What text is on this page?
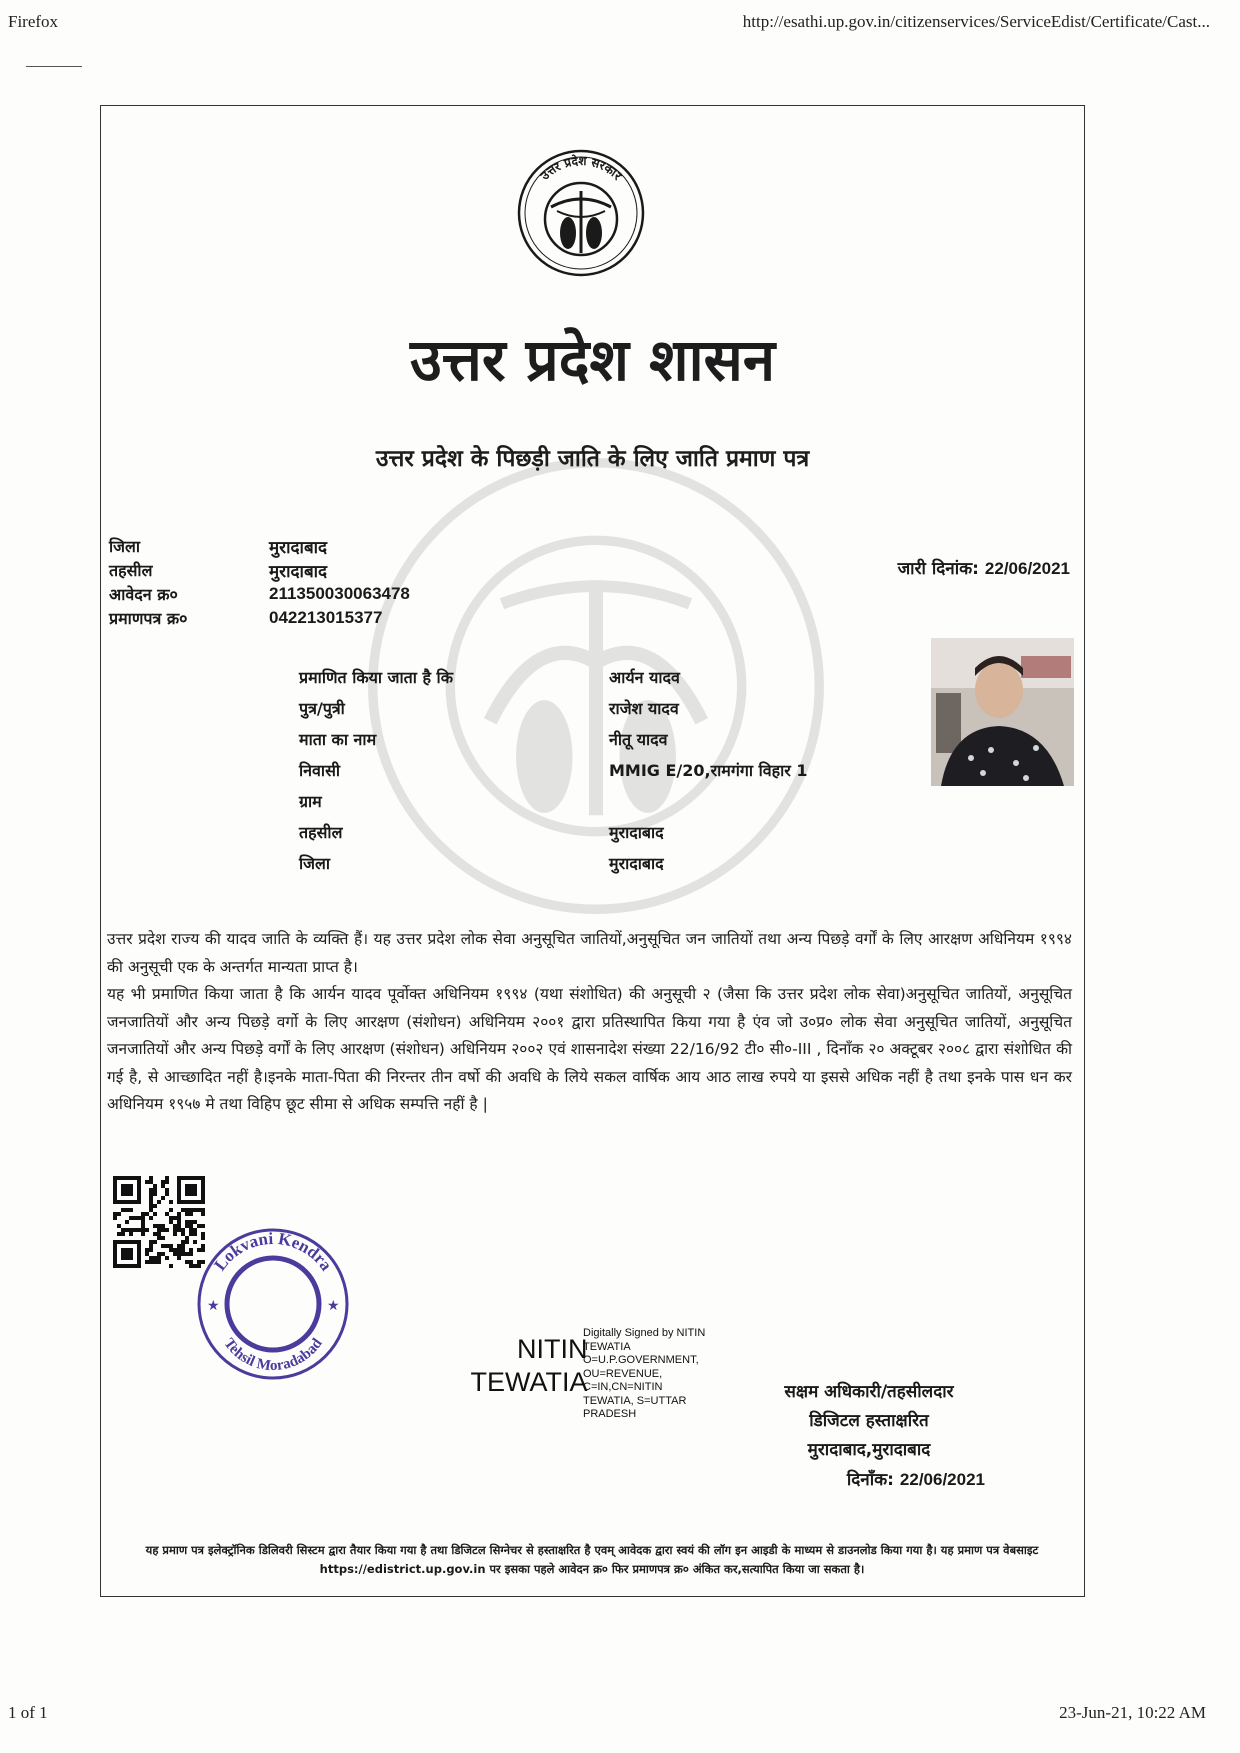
Firefox	http://esathi.up.gov.in/citizenservices/ServiceEdist/Certificate/Cast...
उत्तर प्रदेश सरकार
उत्तर प्रदेश शासन
उत्तर प्रदेश के पिछड़ी जाति के लिए जाति प्रमाण पत्र
जिला	मुरादाबाद
तहसील	मुरादाबाद
आवेदन क्र०	211350030063478
प्रमाणपत्र क्र०	042213015377
जारी दिनांक: 22/06/2021
प्रमाणित किया जाता है कि	आर्यन यादव
पुत्र/पुत्री	राजेश यादव
माता का नाम	नीतू यादव
निवासी	MMIG E/20,रामगंगा विहार 1
ग्राम
तहसील	मुरादाबाद
जिला	मुरादाबाद

उत्तर प्रदेश राज्य की यादव जाति के व्यक्ति हैं। यह उत्तर प्रदेश लोक सेवा अनुसूचित जातियों,अनुसूचित जन जातियों तथा अन्य पिछड़े वर्गों के लिए आरक्षण अधिनियम १९९४ की अनुसूची एक के अन्तर्गत मान्यता प्राप्त है।

यह भी प्रमाणित किया जाता है कि आर्यन यादव पूर्वोक्त अधिनियम १९९४ (यथा संशोधित) की अनुसूची २ (जैसा कि उत्तर प्रदेश लोक सेवा)अनुसूचित जातियों, अनुसूचित जनजातियों और अन्य पिछड़े वर्गो के लिए आरक्षण (संशोधन) अधिनियम २००१ द्वारा प्रतिस्थापित किया गया है एंव जो उ०प्र० लोक सेवा अनुसूचित जातियों, अनुसूचित जनजातियों और अन्य पिछड़े वर्गों के लिए आरक्षण (संशोधन) अधिनियम २००२ एवं शासनादेश संख्या 22/16/92 टी० सी०-III , दिनाँक २० अक्टूबर २००८ द्वारा संशोधित की गई है, से आच्छादित नहीं है।इनके माता-पिता की निरन्तर तीन वर्षो की अवधि के लिये सकल वार्षिक आय आठ लाख रुपये या इससे अधिक नहीं है तथा इनके पास धन कर अधिनियम १९५७ मे तथा विहिप छूट सीमा से अधिक सम्पत्ति नहीं है |

Lokvani Kendra
Tehsil Moradabad
★	★
NITIN
TEWATIA
Digitally Signed by NITIN
TEWATIA
O=U.P.GOVERNMENT,
OU=REVENUE,
C=IN,CN=NITIN
TEWATIA, S=UTTAR
PRADESH
सक्षम अधिकारी/तहसीलदार
डिजिटल हस्ताक्षरित
मुरादाबाद,मुरादाबाद
दिनाँक: 22/06/2021
यह प्रमाण पत्र इलेक्ट्रॉनिक डिलिवरी सिस्टम द्वारा तैयार किया गया है तथा डिजिटल सिग्नेचर से हस्ताक्षरित है एवम् आवेदक द्वारा स्वयं की लॉग इन आइडी के माध्यम से डाउनलोड किया गया है। यह प्रमाण पत्र वेबसाइट https://edistrict.up.gov.in पर इसका पहले आवेदन क्र० फिर प्रमाणपत्र क्र० अंकित कर,सत्यापित किया जा सकता है।
1 of 1	23-Jun-21, 10:22 AM
